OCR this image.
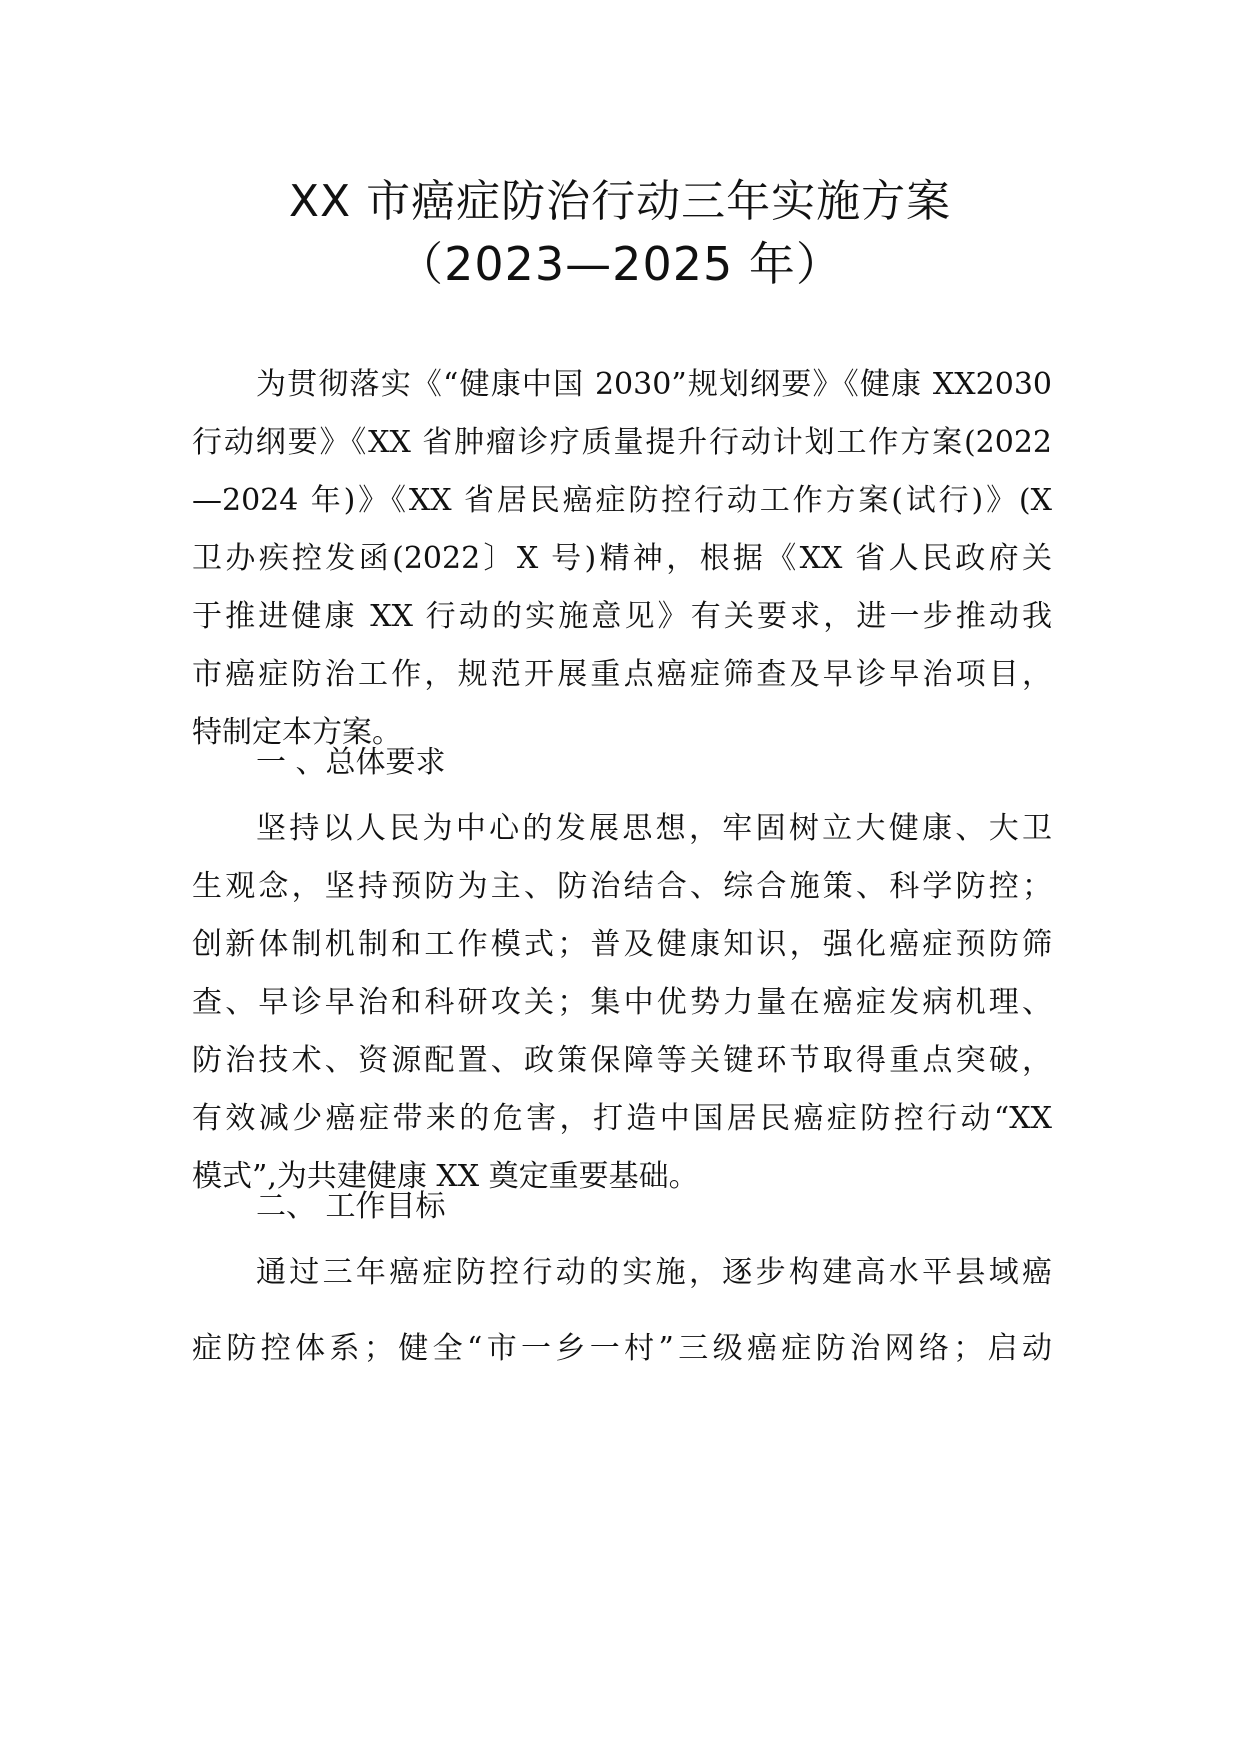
XX 市癌症防治行动三年实施方案
（2023—2025 年）
为贯彻落实《“健康中国 2030”规划纲要》《健康 XX2030
行动纲要》《XX 省肿瘤诊疗质量提升行动计划工作方案(2022
—2024 年)》《XX 省居民癌症防控行动工作方案(试行)》(X
卫办疾控发函(2022〕X 号)精神，根据《XX 省人民政府关
于推进健康 XX 行动的实施意见》有关要求，进一步推动我
市癌症防治工作，规范开展重点癌症筛查及早诊早治项目，
特制定本方案。
一 、总体要求
坚持以人民为中心的发展思想，牢固树立大健康、大卫
生观念，坚持预防为主、防治结合、综合施策、科学防控；
创新体制机制和工作模式；普及健康知识，强化癌症预防筛
查、早诊早治和科研攻关；集中优势力量在癌症发病机理、
防治技术、资源配置、政策保障等关键环节取得重点突破，
有效减少癌症带来的危害，打造中国居民癌症防控行动“XX
模式”,为共建健康 XX 奠定重要基础。
二、 工作目标
通过三年癌症防控行动的实施，逐步构建高水平县域癌
症防控体系；健全“市一乡一村”三级癌症防治网络；启动
